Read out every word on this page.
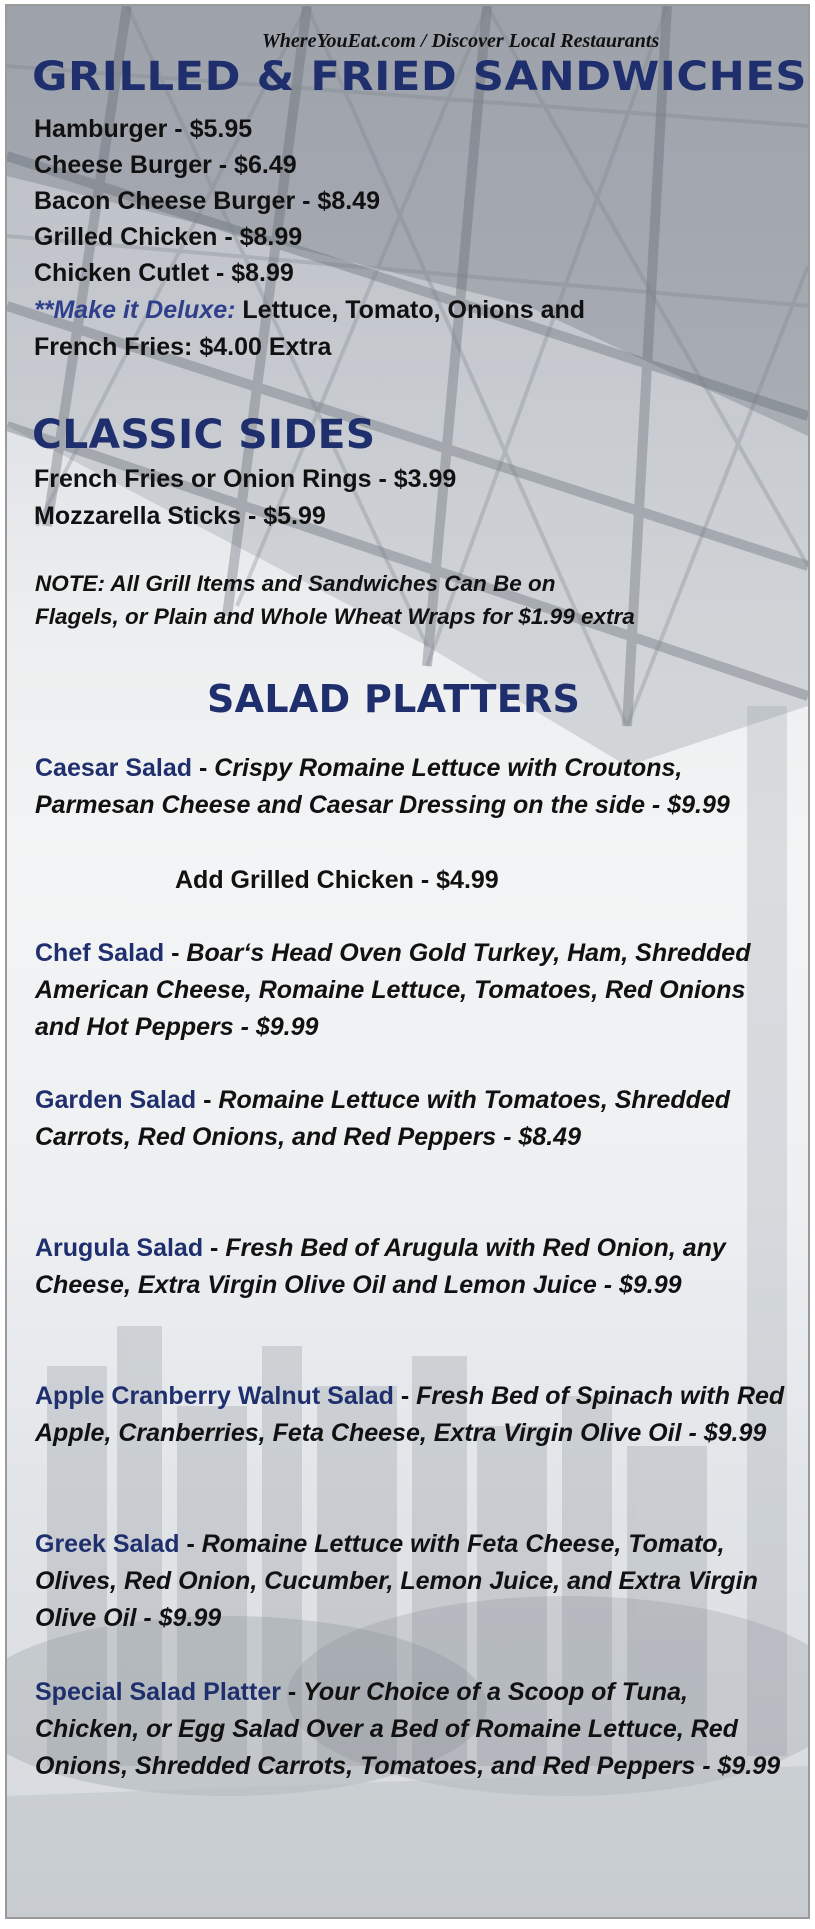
WhereYouEat.com / Discover Local Restaurants
GRILLED & FRIED SANDWICHES
Hamburger - $5.95
Cheese Burger - $6.49
Bacon Cheese Burger - $8.49
Grilled Chicken - $8.99
Chicken Cutlet - $8.99
**Make it Deluxe: Lettuce, Tomato, Onions and
French Fries: $4.00 Extra
CLASSIC SIDES
French Fries or Onion Rings - $3.99
Mozzarella Sticks - $5.99
NOTE: All Grill Items and Sandwiches Can Be on
Flagels, or Plain and Whole Wheat Wraps for $1.99 extra
SALAD PLATTERS
Caesar Salad - Crispy Romaine Lettuce with Croutons, Parmesan Cheese and Caesar Dressing on the side - $9.99
Add Grilled Chicken - $4.99
Chef Salad - Boar‘s Head Oven Gold Turkey, Ham, Shredded American Cheese, Romaine Lettuce, Tomatoes, Red Onions and Hot Peppers - $9.99
Garden Salad - Romaine Lettuce with Tomatoes, Shredded Carrots, Red Onions, and Red Peppers - $8.49
Arugula Salad - Fresh Bed of Arugula with Red Onion, any Cheese, Extra Virgin Olive Oil and Lemon Juice - $9.99
Apple Cranberry Walnut Salad - Fresh Bed of Spinach with Red Apple, Cranberries, Feta Cheese, Extra Virgin Olive Oil - $9.99
Greek Salad - Romaine Lettuce with Feta Cheese, Tomato, Olives, Red Onion, Cucumber, Lemon Juice, and Extra Virgin Olive Oil - $9.99
Special Salad Platter - Your Choice of a Scoop of Tuna, Chicken, or Egg Salad Over a Bed of Romaine Lettuce, Red Onions, Shredded Carrots, Tomatoes, and Red Peppers - $9.99
